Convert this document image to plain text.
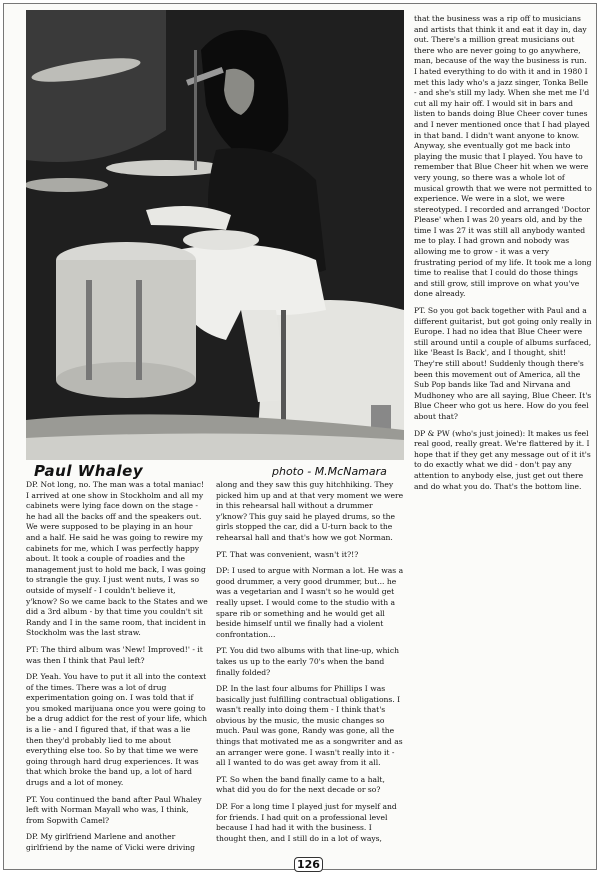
Paul Whaley	photo - M.McNamara

that the business was a rip off to musicians and artists that think it and eat it day in, day out. There's a million great musicians out there who are never going to go anywhere, man, because of the way the business is run. I hated everything to do with it and in 1980 I met this lady who's a jazz singer, Tonka Belle - and she's still my lady. When she met me I'd cut all my hair off. I would sit in bars and listen to bands doing Blue Cheer cover tunes and I never mentioned once that I had played in that band. I didn't want anyone to know. Anyway, she eventually got me back into playing the music that I played. You have to remember that Blue Cheer hit when we were very young, so there was a whole lot of musical growth that we were not permitted to experience. We were in a slot, we were stereotyped. I recorded and arranged 'Doctor Please' when I was 20 years old, and by the time I was 27 it was still all anybody wanted me to play. I had grown and nobody was allowing me to grow - it was a very frustrating period of my life. It took me a long time to realise that I could do those things and still grow, still improve on what you've done already.

PT. So you got back together with Paul and a different guitarist, but got going only really in Europe. I had no idea that Blue Cheer were still around until a couple of albums surfaced, like 'Beast Is Back', and I thought, shit! They're still about! Suddenly though there's been this movement out of America, all the Sub Pop bands like Tad and Nirvana and Mudhoney who are all saying, Blue Cheer. It's Blue Cheer who got us here. How do you feel about that?

DP & PW (who's just joined): It makes us feel real good, really great. We're flattered by it. I hope that if they get any message out of it it's to do exactly what we did - don't pay any attention to anybody else, just get out there and do what you do. That's the bottom line.

DP. Not long, no. The man was a total maniac! I arrived at one show in Stockholm and all my cabinets were lying face down on the stage - he had all the backs off and the speakers out. We were supposed to be playing in an hour and a half. He said he was going to rewire my cabinets for me, which I was perfectly happy about. It took a couple of roadies and the management just to hold me back, I was going to strangle the guy. I just went nuts, I was so outside of myself - I couldn't believe it, y'know? So we came back to the States and we did a 3rd album - by that time you couldn't sit Randy and I in the same room, that incident in Stockholm was the last straw.

PT: The third album was 'New! Improved!' - it was then I think that Paul left?

DP. Yeah. You have to put it all into the context of the times. There was a lot of drug experimentation going on. I was told that if you smoked marijuana once you were going to be a drug addict for the rest of your life, which is a lie - and I figured that, if that was a lie then they'd probably lied to me about everything else too. So by that time we were going through hard drug experiences. It was that which broke the band up, a lot of hard drugs and a lot of money.

PT. You continued the band after Paul Whaley left with Norman Mayall who was, I think, from Sopwith Camel?

DP. My girlfriend Marlene and another girlfriend by the name of Vicki were driving

along and they saw this guy hitchhiking. They picked him up and at that very moment we were in this rehearsal hall without a drummer y'know? This guy said he played drums, so the girls stopped the car, did a U-turn back to the rehearsal hall and that's how we got Norman.

PT. That was convenient, wasn't it?!?

DP: I used to argue with Norman a lot. He was a good drummer, a very good drummer, but... he was a vegetarian and I wasn't so he would get really upset. I would come to the studio with a spare rib or something and he would get all beside himself until we finally had a violent confrontation...

PT. You did two albums with that line-up, which takes us up to the early 70's when the band finally folded?

DP. In the last four albums for Phillips I was basically just fulfilling contractual obligations. I wasn't really into doing them - I think that's obvious by the music, the music changes so much. Paul was gone, Randy was gone, all the things that motivated me as a songwriter and as an arranger were gone. I wasn't really into it - all I wanted to do was get away from it all.

PT. So when the band finally came to a halt, what did you do for the next decade or so?

DP. For a long time I played just for myself and for friends. I had quit on a professional level because I had had it with the business. I thought then, and I still do in a lot of ways,

126
